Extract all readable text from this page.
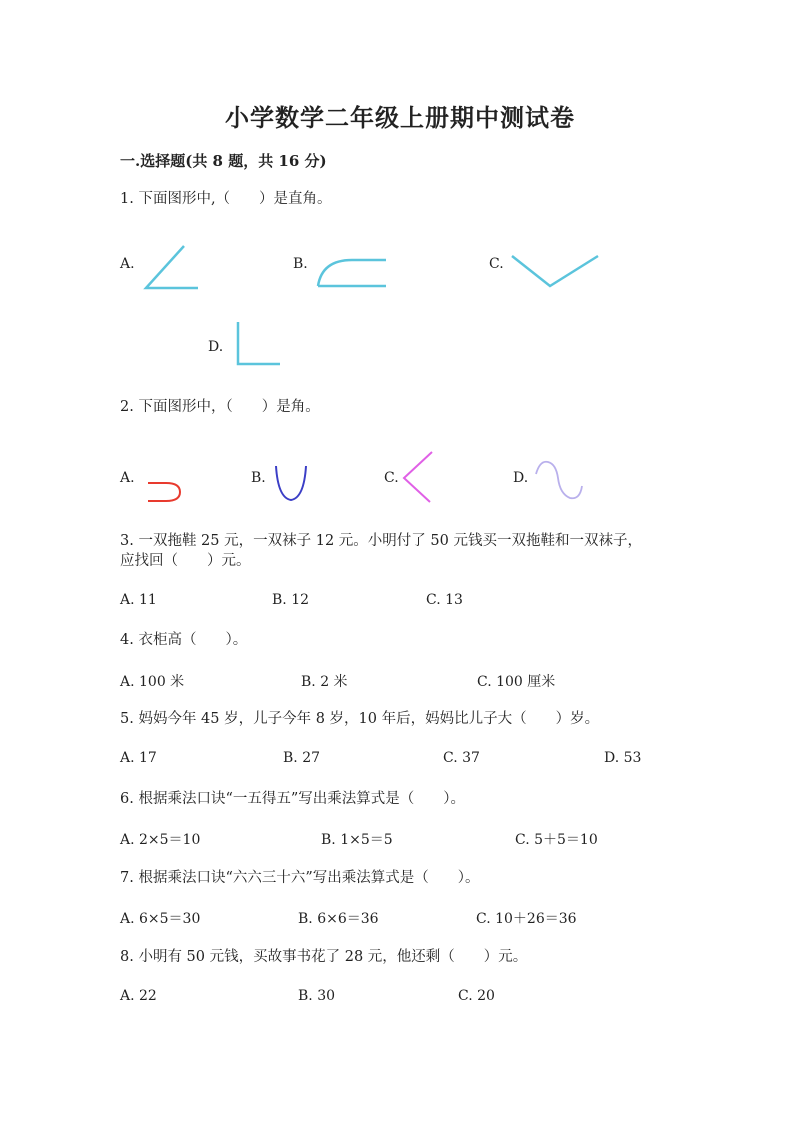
小学数学二年级上册期中测试卷
一.选择题(共 8 题，共 16 分)
1. 下面图形中,（　　）是直角。
A.	B.	C.
D.
2. 下面图形中，（　　）是角。
A.	B.	C.	D.
3. 一双拖鞋 25 元，一双袜子 12 元。小明付了 50 元钱买一双拖鞋和一双袜子，
应找回（　　）元。
A. 11	B. 12	C. 13
4. 衣柜高（　　）。
A. 100 米	B. 2 米	C. 100 厘米
5. 妈妈今年 45 岁，儿子今年 8 岁，10 年后，妈妈比儿子大（　　）岁。
A. 17	B. 27	C. 37	D. 53
6. 根据乘法口诀“一五得五”写出乘法算式是（　　）。
A. 2×5＝10	B. 1×5＝5	C. 5＋5＝10
7. 根据乘法口诀“六六三十六”写出乘法算式是（　　）。
A. 6×5＝30	B. 6×6＝36	C. 10＋26＝36
8. 小明有 50 元钱，买故事书花了 28 元，他还剩（　　）元。
A. 22	B. 30	C. 20
